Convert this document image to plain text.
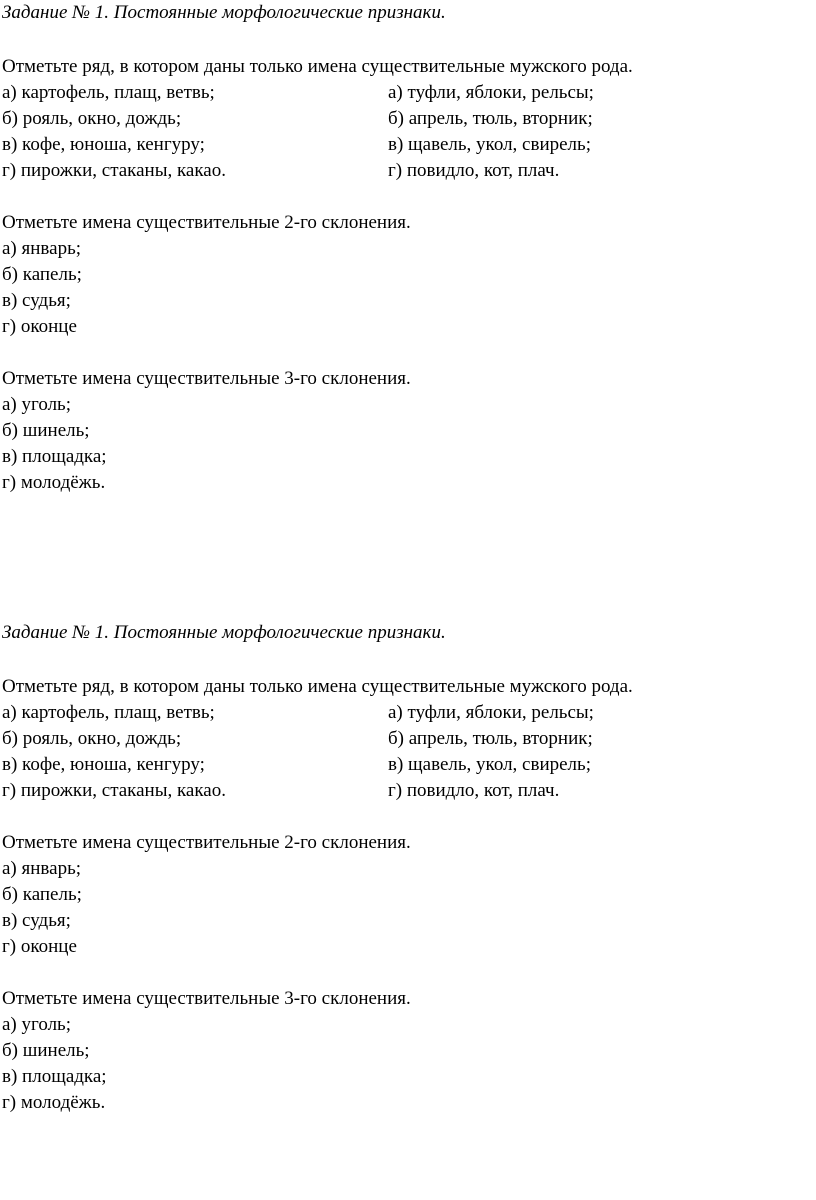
Задание № 1. Постоянные морфологические признаки.
Отметьте ряд, в котором даны только имена существительные мужского рода.
а) картофель, плащ, ветвь;	а) туфли, яблоки, рельсы;
б) рояль, окно, дождь;	б) апрель, тюль, вторник;
в) кофе, юноша, кенгуру;	в) щавель, укол, свирель;
г) пирожки, стаканы, какао.	г) повидло, кот, плач.
Отметьте имена существительные 2-го склонения.
а) январь;
б) капель;
в) судья;
г) оконце
Отметьте имена существительные 3-го склонения.
а) уголь;
б) шинель;
в) площадка;
г) молодёжь.
Задание № 1. Постоянные морфологические признаки.
Отметьте ряд, в котором даны только имена существительные мужского рода.
а) картофель, плащ, ветвь;	а) туфли, яблоки, рельсы;
б) рояль, окно, дождь;	б) апрель, тюль, вторник;
в) кофе, юноша, кенгуру;	в) щавель, укол, свирель;
г) пирожки, стаканы, какао.	г) повидло, кот, плач.
Отметьте имена существительные 2-го склонения.
а) январь;
б) капель;
в) судья;
г) оконце
Отметьте имена существительные 3-го склонения.
а) уголь;
б) шинель;
в) площадка;
г) молодёжь.
